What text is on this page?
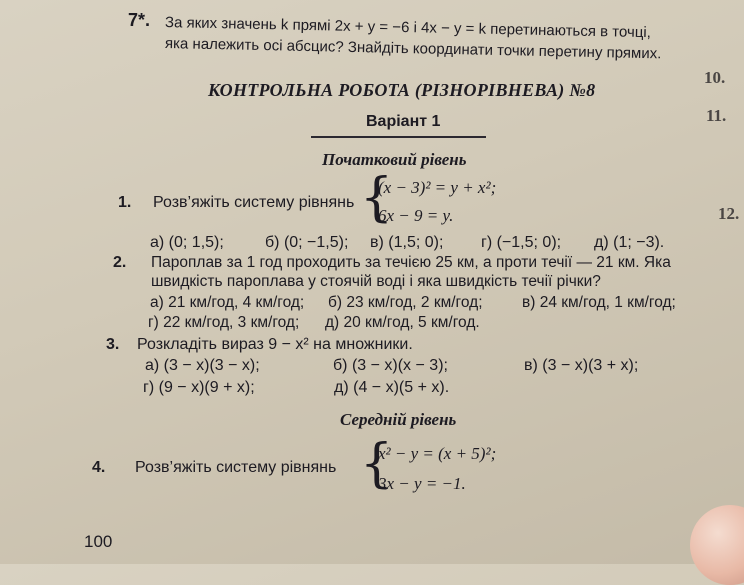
7*. За яких значень k прямі 2x + y = −6 і 4x − y = k перетинаються в точці,
яка належить осі абсцис? Знайдіть координати точки перетину прямих.
КОНТРОЛЬНА РОБОТА (РІЗНОРІВНЕВА) №8
Варіант 1
Початковий рівень
1. Розв’яжіть систему рівнянь {
(x − 3)² = y + x²;
6x − 9 = y.
а) (0; 1,5);	б) (0; −1,5); в) (1,5; 0); г) (−1,5; 0); д) (1; −3).
2. Пароплав за 1 год проходить за течією 25 км, а проти течії — 21 км. Яка
швидкість пароплава у стоячій воді і яка швидкість течії річки?
а) 21 км/год, 4 км/год; б) 23 км/год, 2 км/год;	в) 24 км/год, 1 км/год;
г) 22 км/год, 3 км/год; д) 20 км/год, 5 км/год.
3. Розкладіть вираз 9 − x² на множники.
а) (3 − x)(3 − x);	б) (3 − x)(x − 3);	в) (3 − x)(3 + x);
г) (9 − x)(9 + x);	д) (4 − x)(5 + x).
Середній рівень
4. Розв’яжіть систему рівнянь {
x² − y = (x + 5)²;
3x − y = −1.
10.
11.
12.
100
